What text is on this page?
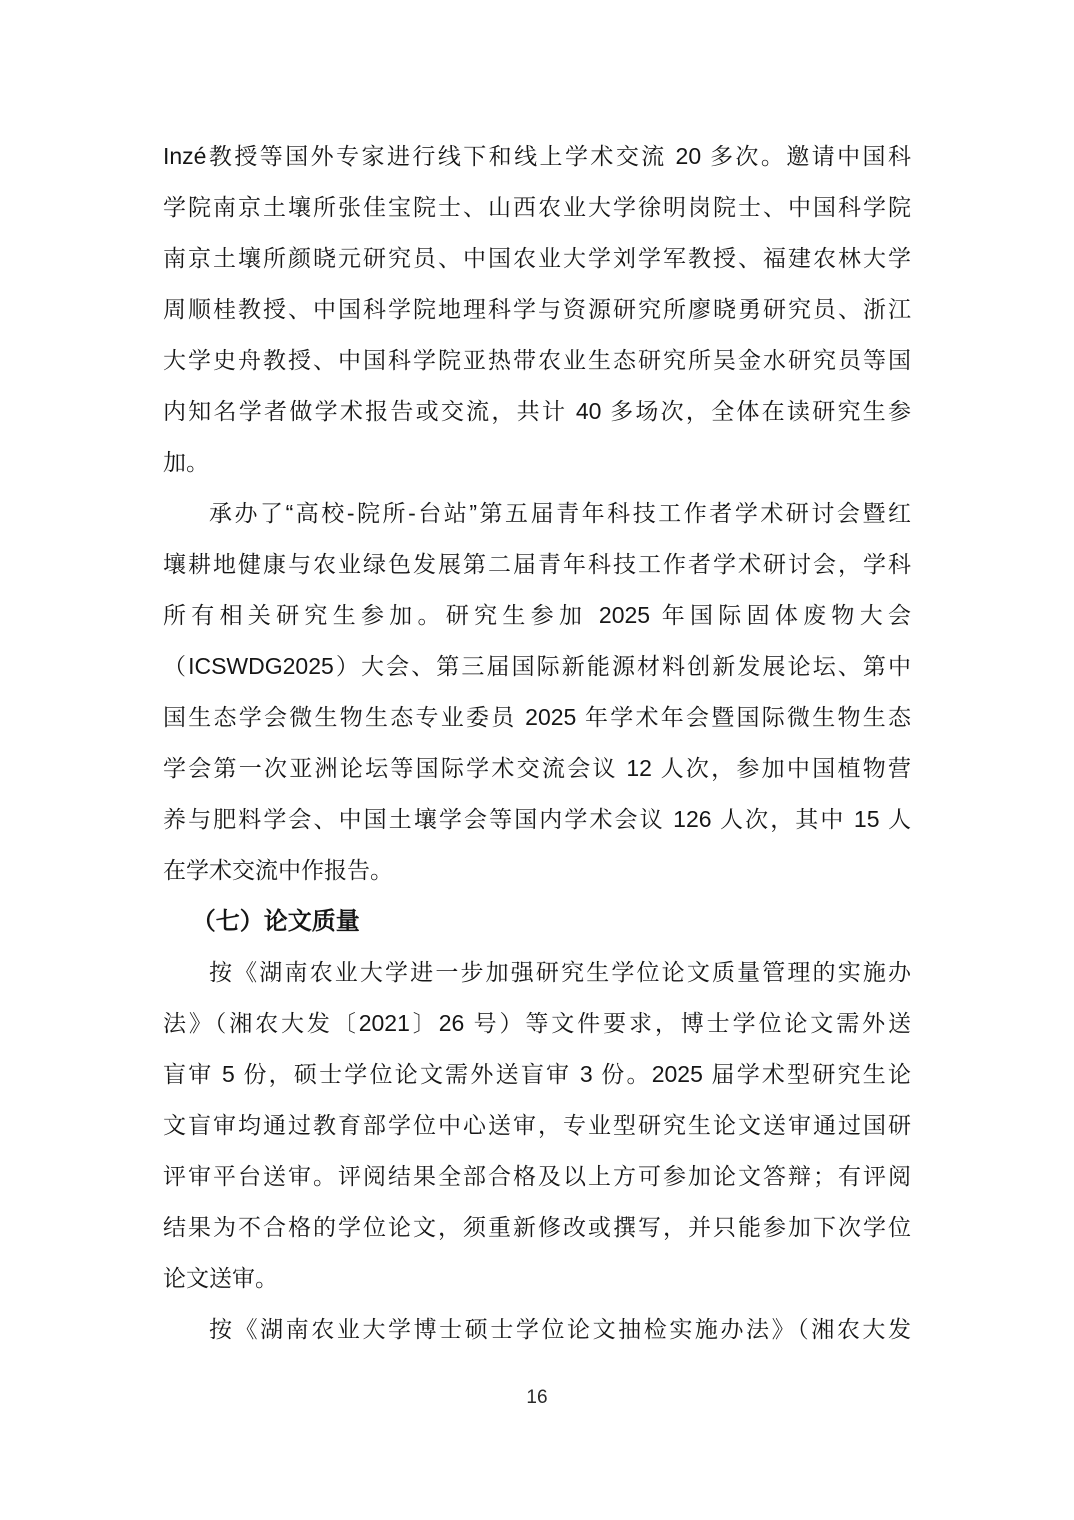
Inzé教授等国外专家进行线下和线上学术交流 20 多次。邀请中国科
学院南京土壤所张佳宝院士、山西农业大学徐明岗院士、中国科学院
南京土壤所颜晓元研究员、中国农业大学刘学军教授、福建农林大学
周顺桂教授、中国科学院地理科学与资源研究所廖晓勇研究员、浙江
大学史舟教授、中国科学院亚热带农业生态研究所吴金水研究员等国
内知名学者做学术报告或交流，共计 40 多场次，全体在读研究生参
加。
承办了“高校-院所-台站”第五届青年科技工作者学术研讨会暨红
壤耕地健康与农业绿色发展第二届青年科技工作者学术研讨会，学科
所有相关研究生参加。研究生参加 2025 年国际固体废物大会
（ICSWDG2025）大会、第三届国际新能源材料创新发展论坛、第中
国生态学会微生物生态专业委员 2025 年学术年会暨国际微生物生态
学会第一次亚洲论坛等国际学术交流会议 12 人次，参加中国植物营
养与肥料学会、中国土壤学会等国内学术会议 126 人次，其中 15 人
在学术交流中作报告。
（七）论文质量
按《湖南农业大学进一步加强研究生学位论文质量管理的实施办
法》（湘农大发〔2021〕26 号）等文件要求，博士学位论文需外送
盲审 5 份，硕士学位论文需外送盲审 3 份。2025 届学术型研究生论
文盲审均通过教育部学位中心送审，专业型研究生论文送审通过国研
评审平台送审。评阅结果全部合格及以上方可参加论文答辩；有评阅
结果为不合格的学位论文，须重新修改或撰写，并只能参加下次学位
论文送审。
按《湖南农业大学博士硕士学位论文抽检实施办法》（湘农大发
16
